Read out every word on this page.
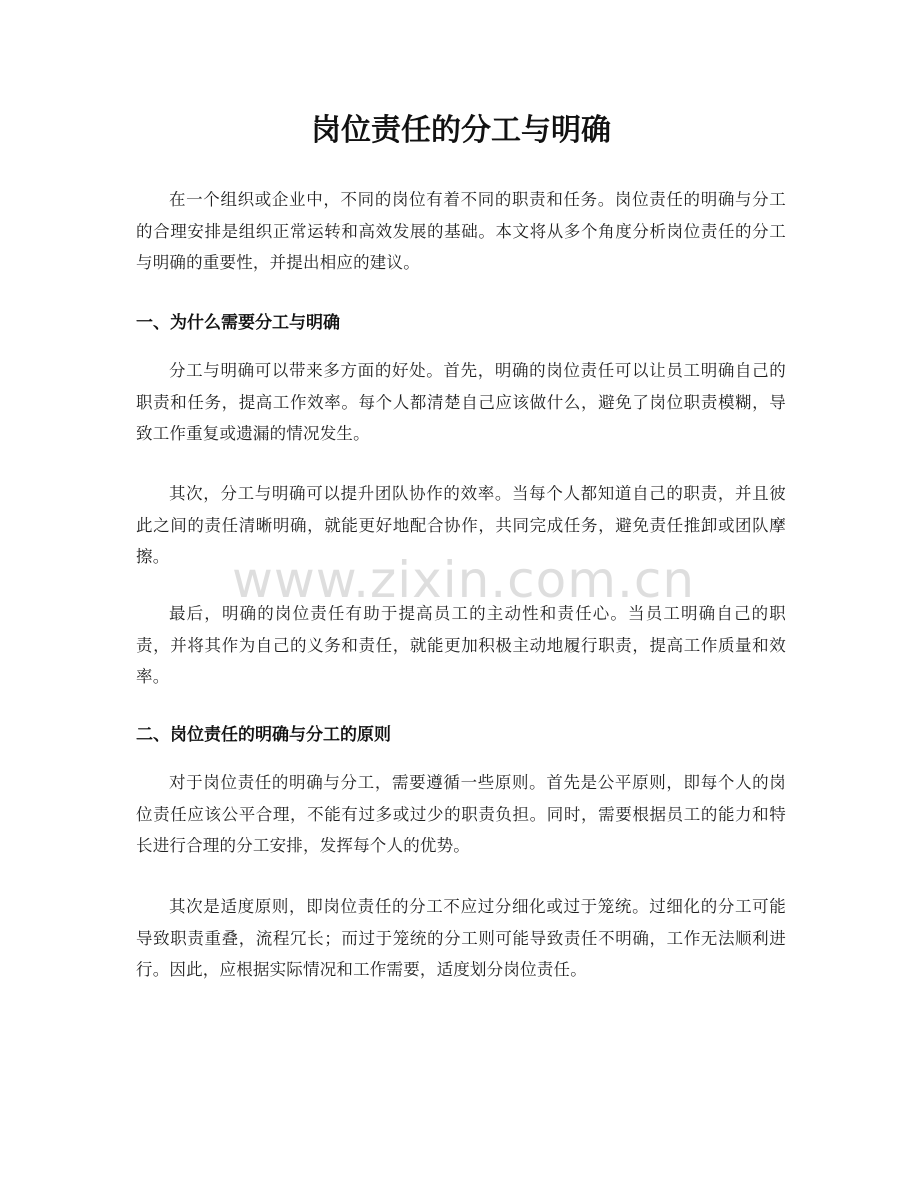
岗位责任的分工与明确

在一个组织或企业中，不同的岗位有着不同的职责和任务。岗位责任的明确与分工的合理安排是组织正常运转和高效发展的基础。本文将从多个角度分析岗位责任的分工与明确的重要性，并提出相应的建议。

一、为什么需要分工与明确

分工与明确可以带来多方面的好处。首先，明确的岗位责任可以让员工明确自己的职责和任务，提高工作效率。每个人都清楚自己应该做什么，避免了岗位职责模糊，导致工作重复或遗漏的情况发生。

其次，分工与明确可以提升团队协作的效率。当每个人都知道自己的职责，并且彼此之间的责任清晰明确，就能更好地配合协作，共同完成任务，避免责任推卸或团队摩擦。

最后，明确的岗位责任有助于提高员工的主动性和责任心。当员工明确自己的职责，并将其作为自己的义务和责任，就能更加积极主动地履行职责，提高工作质量和效率。

二、岗位责任的明确与分工的原则

对于岗位责任的明确与分工，需要遵循一些原则。首先是公平原则，即每个人的岗位责任应该公平合理，不能有过多或过少的职责负担。同时，需要根据员工的能力和特长进行合理的分工安排，发挥每个人的优势。

其次是适度原则，即岗位责任的分工不应过分细化或过于笼统。过细化的分工可能导致职责重叠，流程冗长；而过于笼统的分工则可能导致责任不明确，工作无法顺利进行。因此，应根据实际情况和工作需要，适度划分岗位责任。

www.zixin.com.cn
